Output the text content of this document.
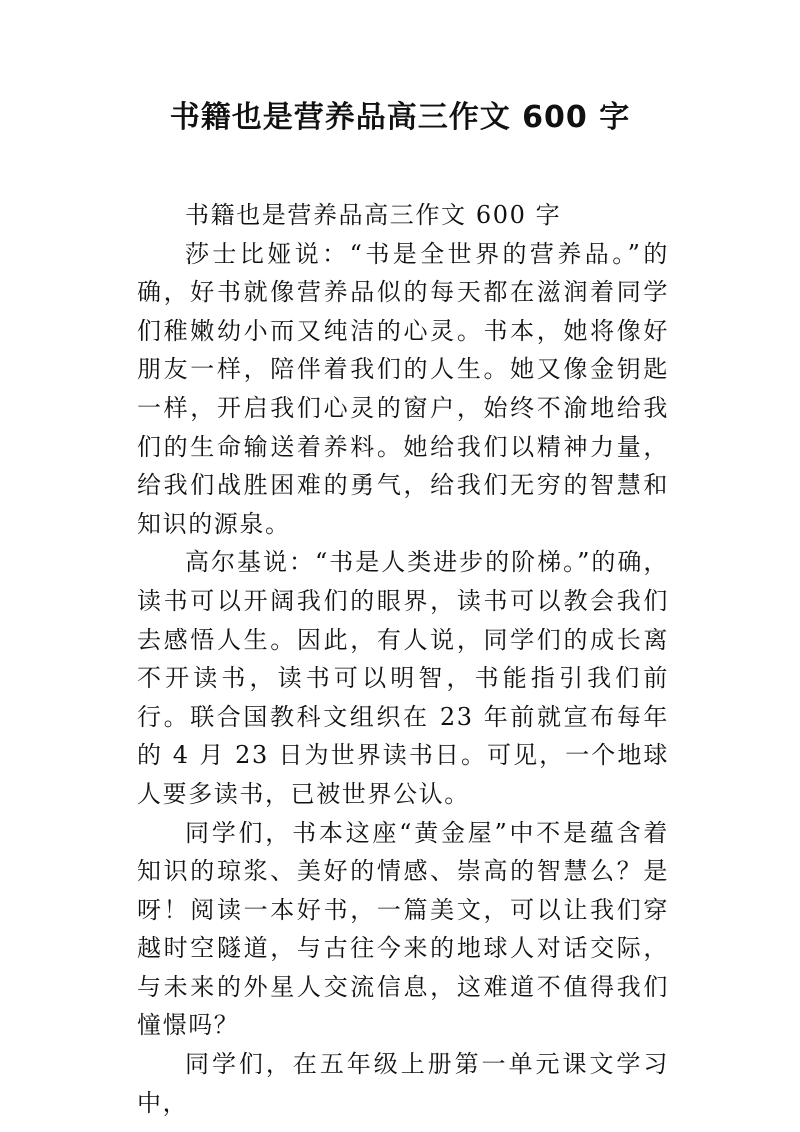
书籍也是营养品高三作文 600 字

书籍也是营养品高三作文 600 字

莎士比娅说：“书是全世界的营养品。”的确，好书就像营养品似的每天都在滋润着同学们稚嫩幼小而又纯洁的心灵。书本，她将像好朋友一样，陪伴着我们的人生。她又像金钥匙一样，开启我们心灵的窗户，始终不渝地给我们的生命输送着养料。她给我们以精神力量，给我们战胜困难的勇气，给我们无穷的智慧和知识的源泉。

高尔基说：“书是人类进步的阶梯。”的确，读书可以开阔我们的眼界，读书可以教会我们去感悟人生。因此，有人说，同学们的成长离不开读书，读书可以明智，书能指引我们前行。联合国教科文组织在 23 年前就宣布每年的 4 月 23 日为世界读书日。可见，一个地球人要多读书，已被世界公认。

同学们，书本这座“黄金屋”中不是蕴含着知识的琼浆、美好的情感、崇高的智慧么？是呀！阅读一本好书，一篇美文，可以让我们穿越时空隧道，与古往今来的地球人对话交际，与未来的外星人交流信息，这难道不值得我们憧憬吗？

同学们，在五年级上册第一单元课文学习中，
